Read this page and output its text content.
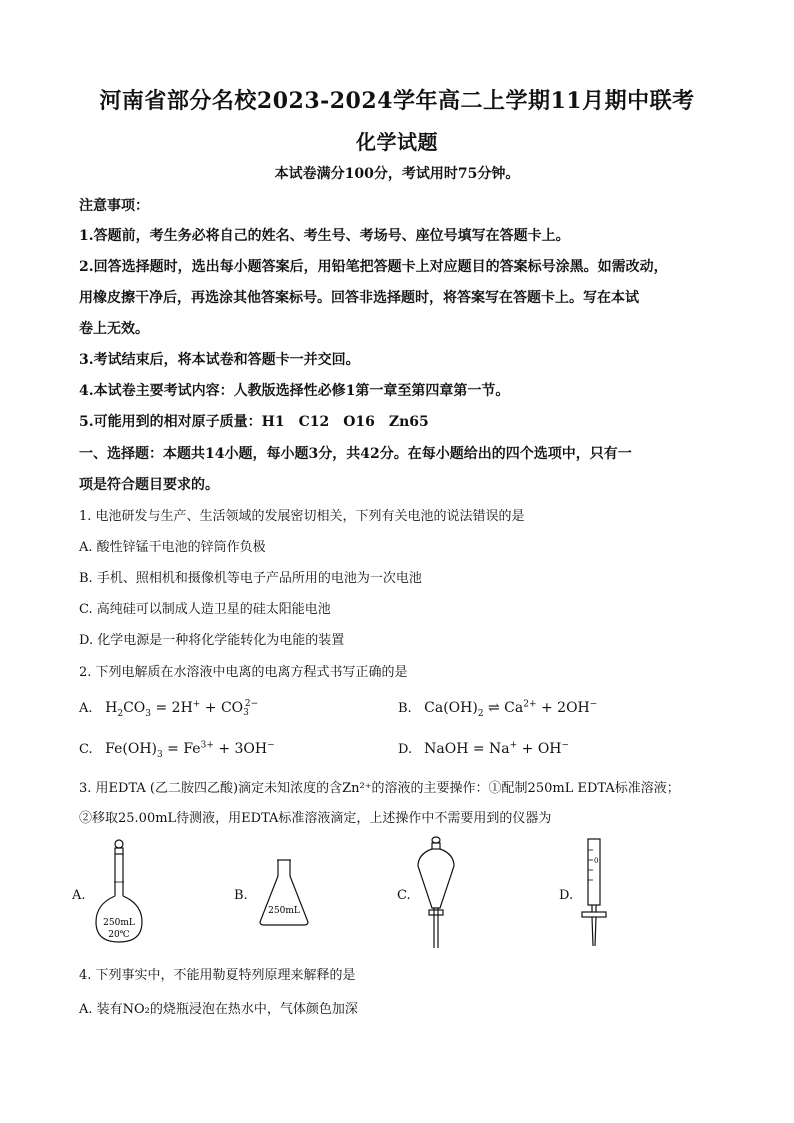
河南省部分名校2023-2024学年高二上学期11月期中联考
化学试题
本试卷满分100分，考试用时75分钟。
注意事项：
1.答题前，考生务必将自己的姓名、考生号、考场号、座位号填写在答题卡上。
2.回答选择题时，选出每小题答案后，用铅笔把答题卡上对应题目的答案标号涂黑。如需改动，
用橡皮擦干净后，再选涂其他答案标号。回答非选择题时，将答案写在答题卡上。写在本试
卷上无效。
3.考试结束后，将本试卷和答题卡一并交回。
4.本试卷主要考试内容：人教版选择性必修1第一章至第四章第一节。
5.可能用到的相对原子质量：H1　C12　O16　Zn65
一、选择题：本题共14小题，每小题3分，共42分。在每小题给出的四个选项中，只有一
项是符合题目要求的。
1. 电池研发与生产、生活领域的发展密切相关，下列有关电池的说法错误的是
A. 酸性锌锰干电池的锌筒作负极
B. 手机、照相机和摄像机等电子产品所用的电池为一次电池
C. 高纯硅可以制成人造卫星的硅太阳能电池
D. 化学电源是一种将化学能转化为电能的装置
2. 下列电解质在水溶液中电离的电离方程式书写正确的是
A. $H_2CO_3 = 2H^+ + CO_3^{2-}$	B. $Ca(OH)_2$ ⇌ $Ca^{2+} + 2OH^-$
C. $Fe(OH)_3 = Fe^{3+} + 3OH^-$	D. NaOH = Na+ + OH−
3. 用EDTA (乙二胺四乙酸)滴定未知浓度的含Zn²⁺的溶液的主要操作：①配制250mL EDTA标准溶液；
②移取25.00mL待测液，用EDTA标准溶液滴定，上述操作中不需要用到的仪器为
A.
250mL
20℃
B.
250mL
C.	D.
0
4. 下列事实中，不能用勒夏特列原理来解释的是
A. 装有NO₂的烧瓶浸泡在热水中，气体颜色加深
